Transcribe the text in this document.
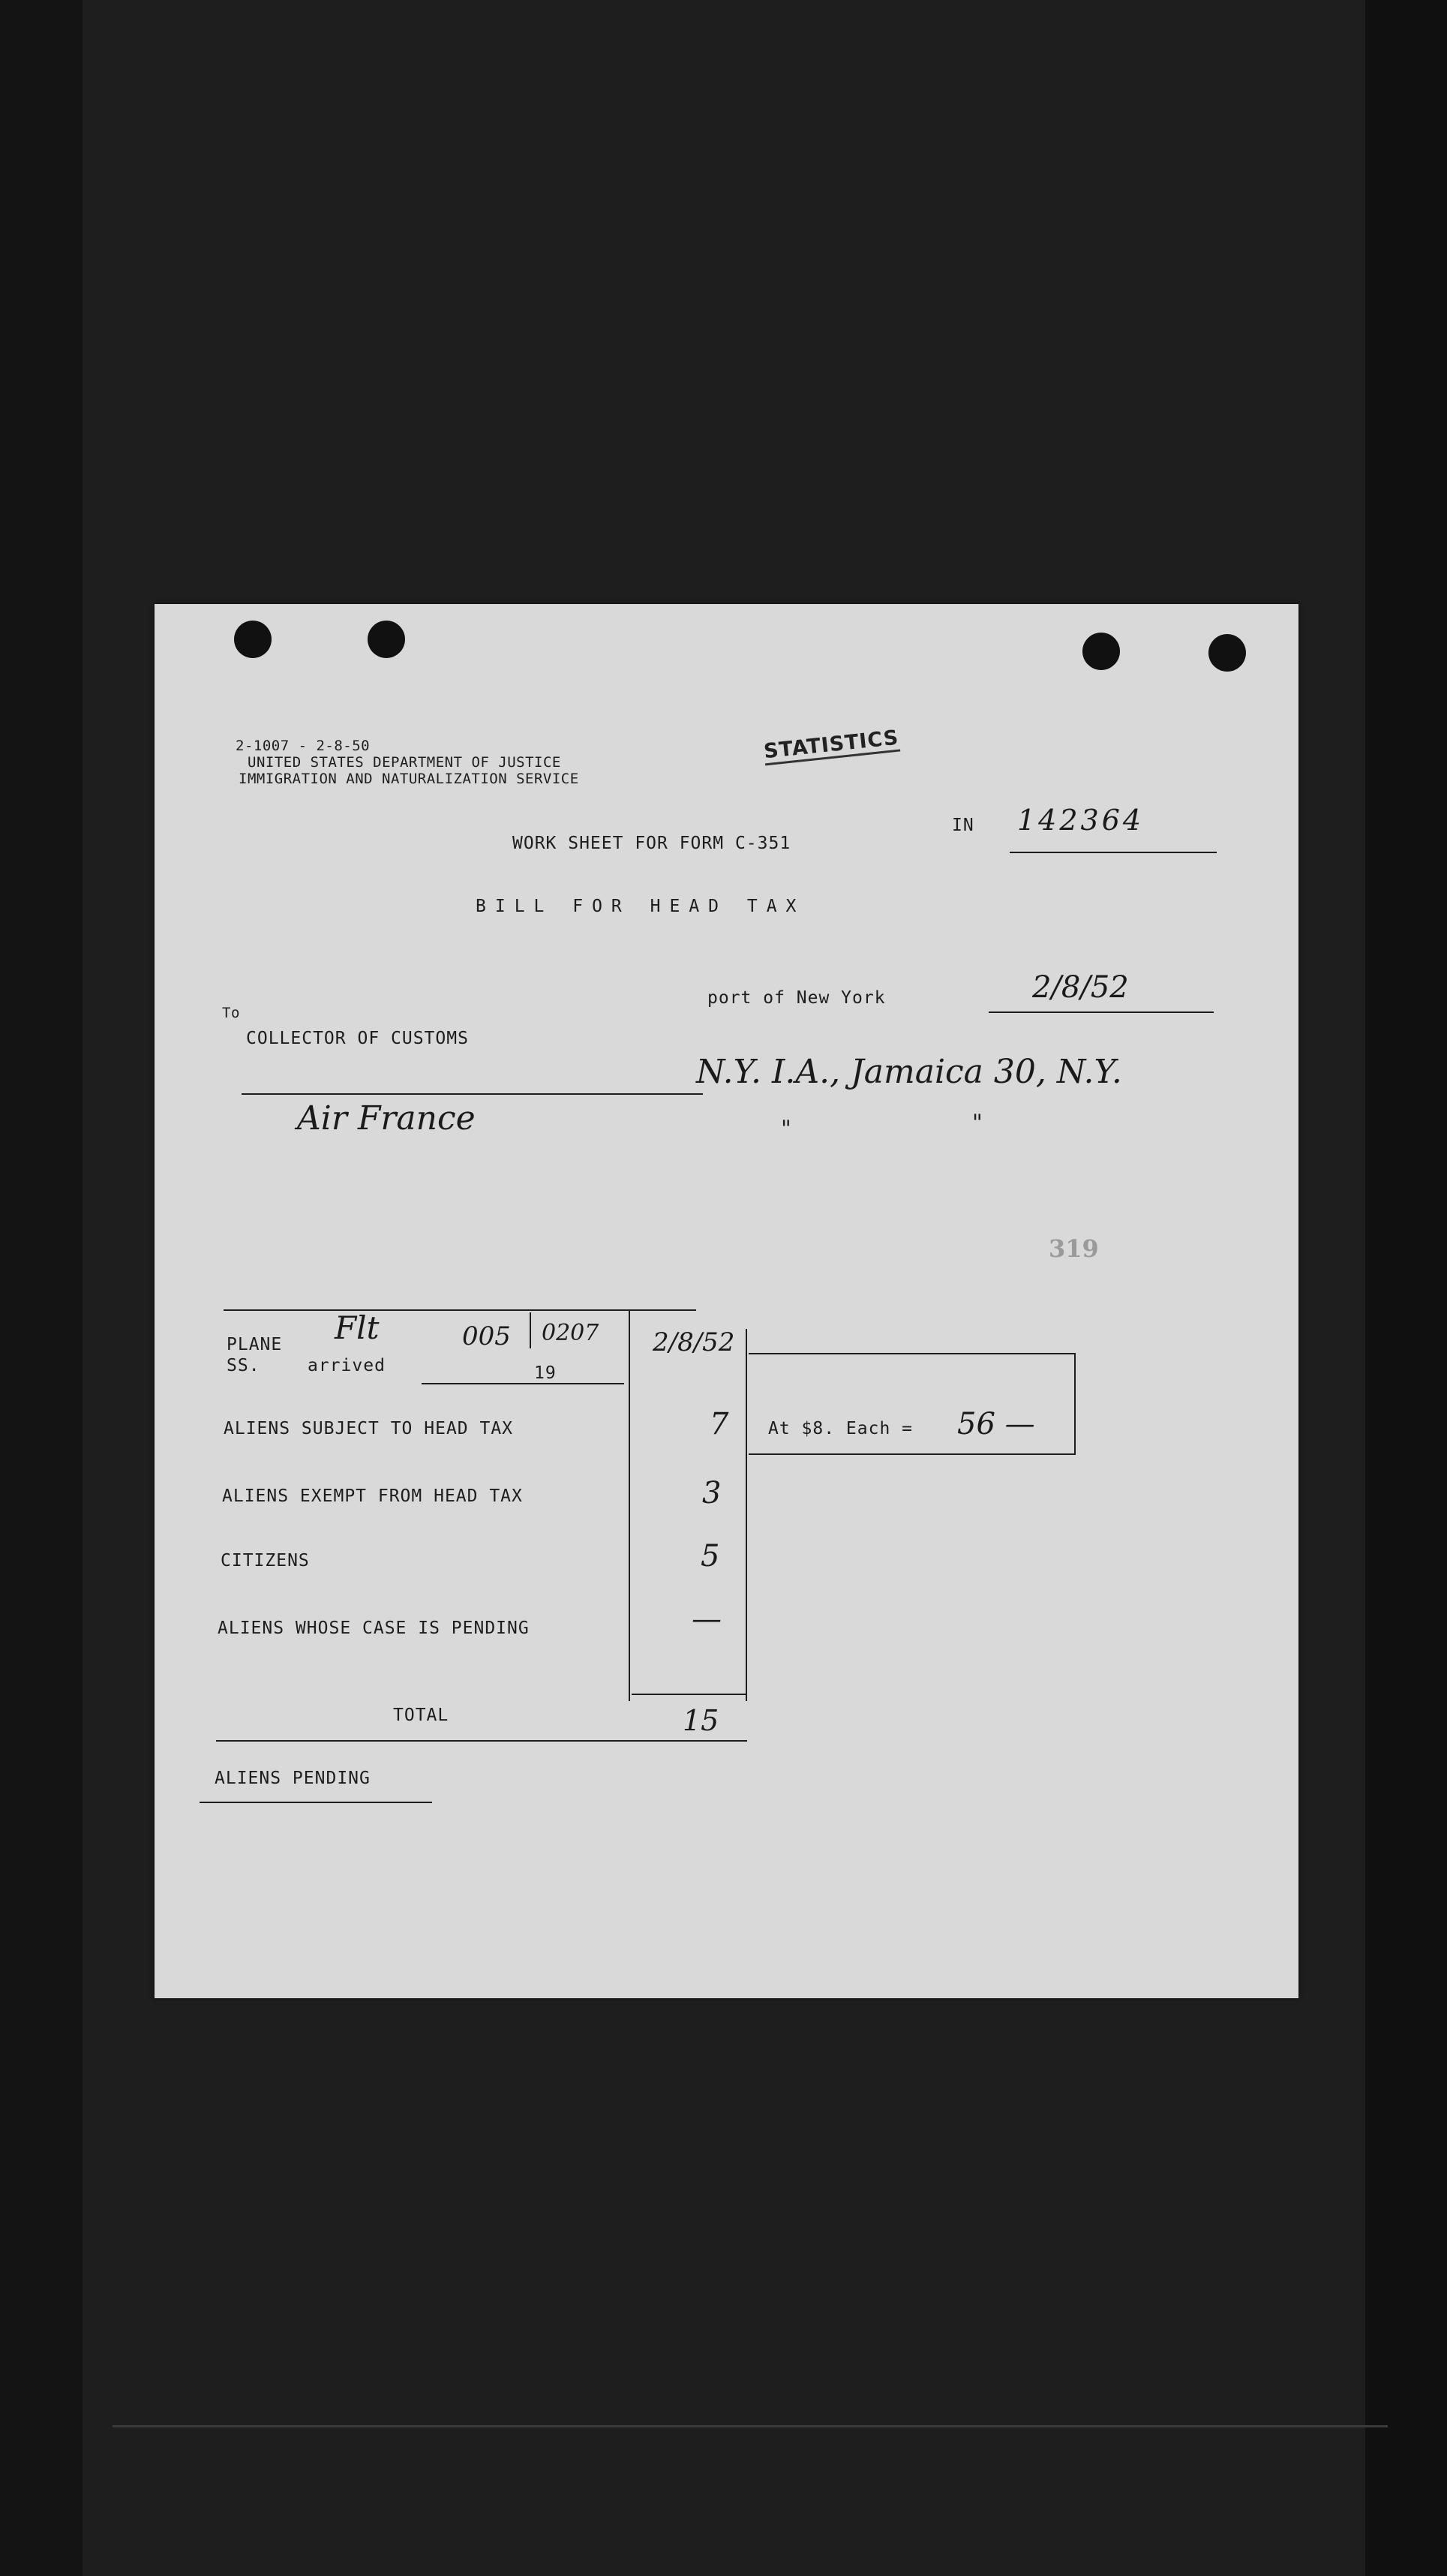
2-1007 - 2-8-50
UNITED STATES DEPARTMENT OF JUSTICE
IMMIGRATION AND NATURALIZATION SERVICE
STATISTICS
IN 142364
WORK SHEET FOR FORM C-351
BILL FOR HEAD TAX
port of New York	2/8/52
To
COLLECTOR OF CUSTOMS
N.Y. I.A., Jamaica 30, N.Y.
Air France	"	"
319
PLANE
SS.
Flt	005 0207
arrived	19
2/8/52
ALIENS SUBJECT TO HEAD TAX	7
ALIENS EXEMPT FROM HEAD TAX	3
CITIZENS	5
ALIENS WHOSE CASE IS PENDING	—
TOTAL	15
At $8. Each = 56 —
ALIENS PENDING
